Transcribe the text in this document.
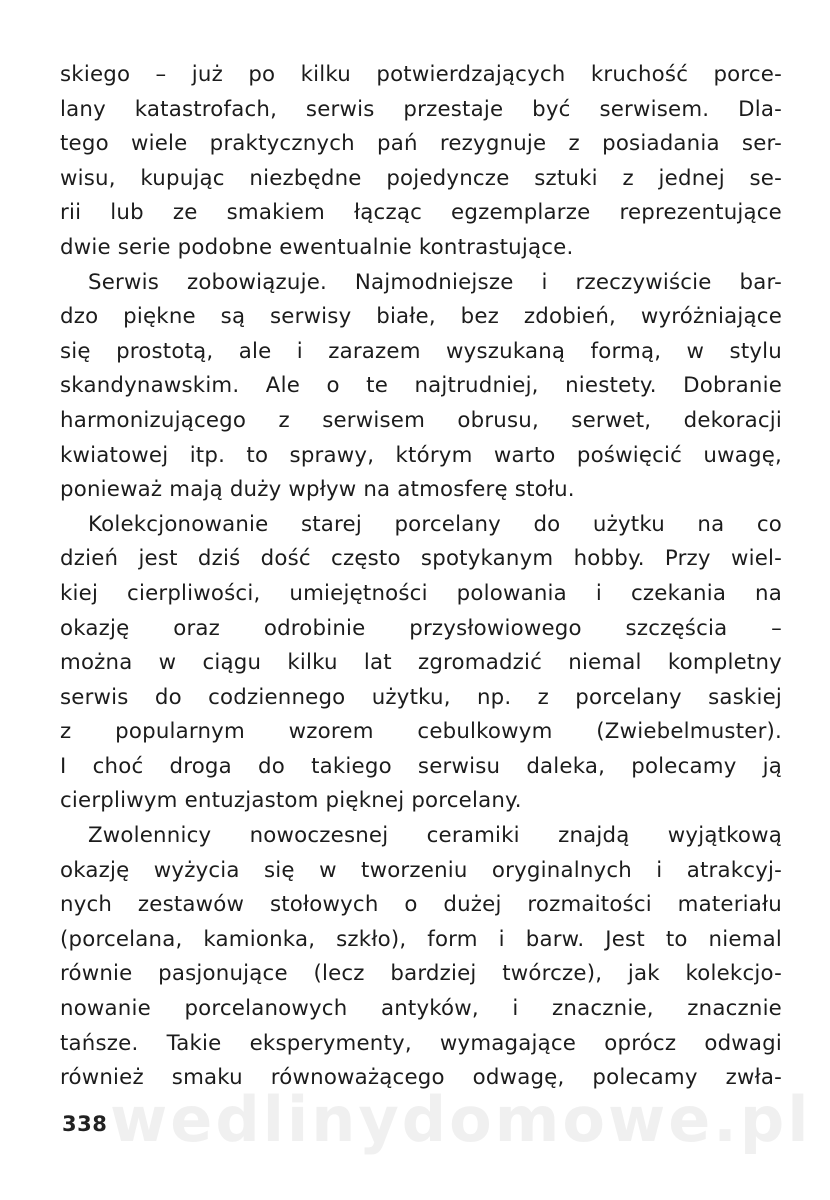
skiego – już po kilku potwierdzających kruchość porce-
lany katastrofach, serwis przestaje być serwisem. Dla-
tego wiele praktycznych pań rezygnuje z posiadania ser-
wisu, kupując niezbędne pojedyncze sztuki z jednej se-
rii lub ze smakiem łącząc egzemplarze reprezentujące
dwie serie podobne ewentualnie kontrastujące.
Serwis zobowiązuje. Najmodniejsze i rzeczywiście bar-
dzo piękne są serwisy białe, bez zdobień, wyróżniające
się prostotą, ale i zarazem wyszukaną formą, w stylu
skandynawskim. Ale o te najtrudniej, niestety. Dobranie
harmonizującego z serwisem obrusu, serwet, dekoracji
kwiatowej itp. to sprawy, którym warto poświęcić uwagę,
ponieważ mają duży wpływ na atmosferę stołu.
Kolekcjonowanie starej porcelany do użytku na co
dzień jest dziś dość często spotykanym hobby. Przy wiel-
kiej cierpliwości, umiejętności polowania i czekania na
okazję oraz odrobinie przysłowiowego szczęścia –
można w ciągu kilku lat zgromadzić niemal kompletny
serwis do codziennego użytku, np. z porcelany saskiej
z popularnym wzorem cebulkowym (Zwiebelmuster).
I choć droga do takiego serwisu daleka, polecamy ją
cierpliwym entuzjastom pięknej porcelany.
Zwolennicy nowoczesnej ceramiki znajdą wyjątkową
okazję wyżycia się w tworzeniu oryginalnych i atrakcyj-
nych zestawów stołowych o dużej rozmaitości materiału
(porcelana, kamionka, szkło), form i barw. Jest to niemal
równie pasjonujące (lecz bardziej twórcze), jak kolekcjo-
nowanie porcelanowych antyków, i znacznie, znacznie
tańsze. Takie eksperymenty, wymagające oprócz odwagi
również smaku równoważącego odwagę, polecamy zwła-
wedlinydomowe.pl
338
